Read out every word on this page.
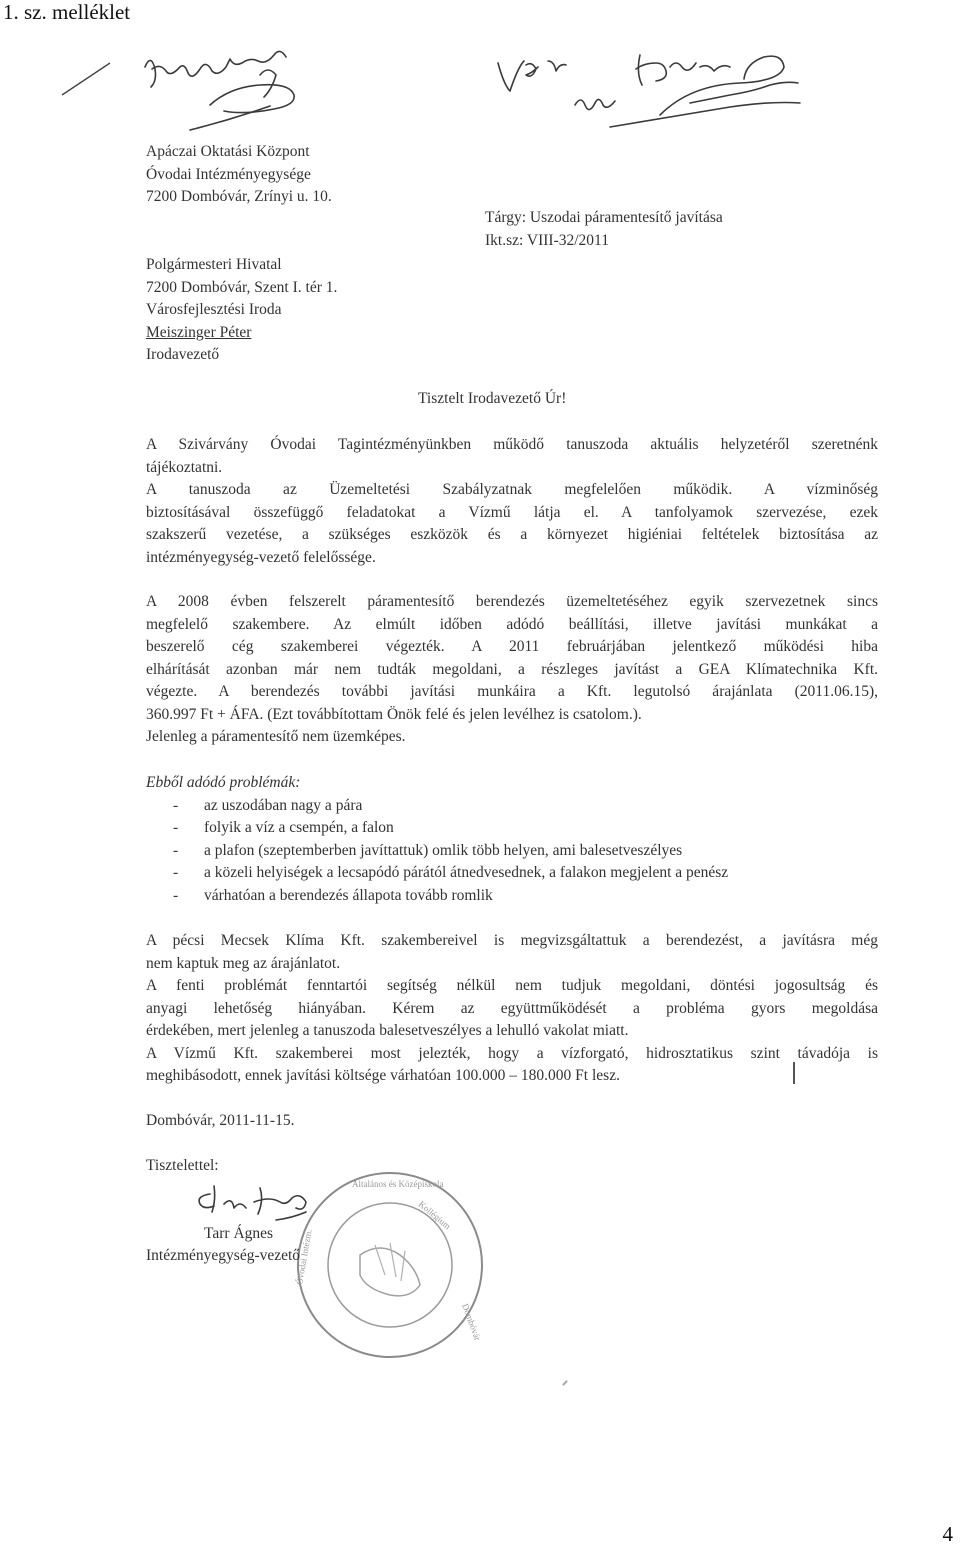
1. sz. melléklet
Apáczai Oktatási Központ
Óvodai Intézményegysége
7200 Dombóvár, Zrínyi u. 10.
Tárgy: Uszodai páramentesítő javítása
Ikt.sz: VIII-32/2011
Polgármesteri Hivatal
7200 Dombóvár, Szent I. tér 1.
Városfejlesztési Iroda
Meiszinger Péter
Irodavezető
Tisztelt Irodavezető Úr!
A Szivárvány Óvodai Tagintézményünkben működő tanuszoda aktuális helyzetéről szeretnénk
tájékoztatni.
A tanuszoda az Üzemeltetési Szabályzatnak megfelelően működik. A vízminőség
biztosításával összefüggő feladatokat a Vízmű látja el. A tanfolyamok szervezése, ezek
szakszerű vezetése, a szükséges eszközök és a környezet higiéniai feltételek biztosítása az
intézményegység-vezető felelőssége.
A 2008 évben felszerelt páramentesítő berendezés üzemeltetéséhez egyik szervezetnek sincs
megfelelő szakembere. Az elmúlt időben adódó beállítási, illetve javítási munkákat a
beszerelő cég szakemberei végezték. A 2011 februárjában jelentkező működési hiba
elhárítását azonban már nem tudták megoldani, a részleges javítást a GEA Klímatechnika Kft.
végezte. A berendezés további javítási munkáira a Kft. legutolsó árajánlata (2011.06.15),
360.997 Ft + ÁFA. (Ezt továbbítottam Önök felé és jelen levélhez is csatolom.).
Jelenleg a páramentesítő nem üzemképes.
Ebből adódó problémák:
- az uszodában nagy a pára
- folyik a víz a csempén, a falon
- a plafon (szeptemberben javíttattuk) omlik több helyen, ami balesetveszélyes
- a közeli helyiségek a lecsapódó párától átnedvesednek, a falakon megjelent a penész
- várhatóan a berendezés állapota tovább romlik
A pécsi Mecsek Klíma Kft. szakembereivel is megvizsgáltattuk a berendezést, a javításra még
nem kaptuk meg az árajánlatot.
A fenti problémát fenntartói segítség nélkül nem tudjuk megoldani, döntési jogosultság és
anyagi lehetőség hiányában. Kérem az együttműködését a probléma gyors megoldása
érdekében, mert jelenleg a tanuszoda balesetveszélyes a lehulló vakolat miatt.
A Vízmű Kft. szakemberei most jelezték, hogy a vízforgató, hidrosztatikus szint távadója is
meghibásodott, ennek javítási költsége várhatóan 100.000 – 180.000 Ft lesz.
Dombóvár, 2011-11-15.
Tisztelettel:
Általános és Középiskola
Kollégium
Óvodai Intézm.
Dombóvár
Tarr Ágnes
Intézményegység-vezető
4
